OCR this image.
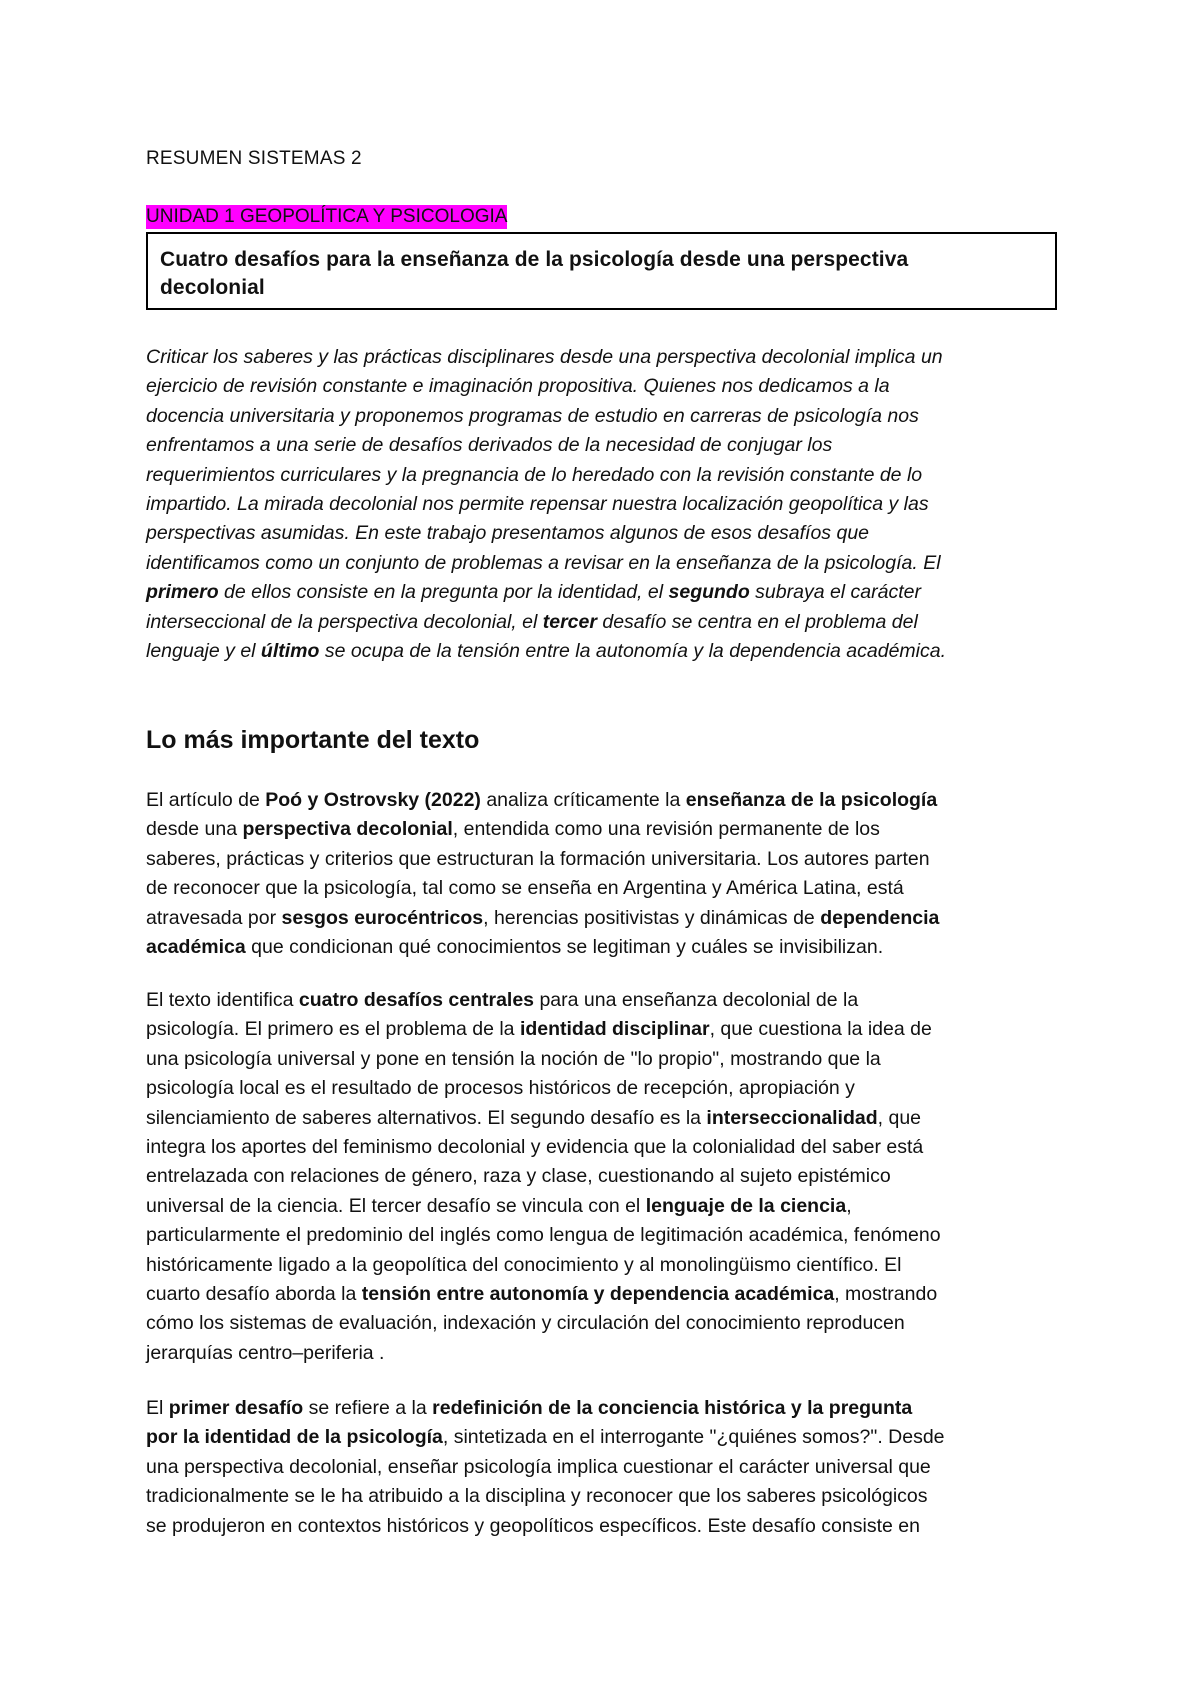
RESUMEN SISTEMAS 2
UNIDAD 1 GEOPOLÍTICA Y PSICOLOGIA
Cuatro desafíos para la enseñanza de la psicología desde una perspectiva
decolonial
Criticar los saberes y las prácticas disciplinares desde una perspectiva decolonial implica un
ejercicio de revisión constante e imaginación propositiva. Quienes nos dedicamos a la
docencia universitaria y proponemos programas de estudio en carreras de psicología nos
enfrentamos a una serie de desafíos derivados de la necesidad de conjugar los
requerimientos curriculares y la pregnancia de lo heredado con la revisión constante de lo
impartido. La mirada decolonial nos permite repensar nuestra localización geopolítica y las
perspectivas asumidas. En este trabajo presentamos algunos de esos desafíos que
identificamos como un conjunto de problemas a revisar en la enseñanza de la psicología. El
primero de ellos consiste en la pregunta por la identidad, el segundo subraya el carácter
interseccional de la perspectiva decolonial, el tercer desafío se centra en el problema del
lenguaje y el último se ocupa de la tensión entre la autonomía y la dependencia académica.
Lo más importante del texto
El artículo de Poó y Ostrovsky (2022) analiza críticamente la enseñanza de la psicología
desde una perspectiva decolonial, entendida como una revisión permanente de los
saberes, prácticas y criterios que estructuran la formación universitaria. Los autores parten
de reconocer que la psicología, tal como se enseña en Argentina y América Latina, está
atravesada por sesgos eurocéntricos, herencias positivistas y dinámicas de dependencia
académica que condicionan qué conocimientos se legitiman y cuáles se invisibilizan.
El texto identifica cuatro desafíos centrales para una enseñanza decolonial de la
psicología. El primero es el problema de la identidad disciplinar, que cuestiona la idea de
una psicología universal y pone en tensión la noción de "lo propio", mostrando que la
psicología local es el resultado de procesos históricos de recepción, apropiación y
silenciamiento de saberes alternativos. El segundo desafío es la interseccionalidad, que
integra los aportes del feminismo decolonial y evidencia que la colonialidad del saber está
entrelazada con relaciones de género, raza y clase, cuestionando al sujeto epistémico
universal de la ciencia. El tercer desafío se vincula con el lenguaje de la ciencia,
particularmente el predominio del inglés como lengua de legitimación académica, fenómeno
históricamente ligado a la geopolítica del conocimiento y al monolingüismo científico. El
cuarto desafío aborda la tensión entre autonomía y dependencia académica, mostrando
cómo los sistemas de evaluación, indexación y circulación del conocimiento reproducen
jerarquías centro–periferia .
El primer desafío se refiere a la redefinición de la conciencia histórica y la pregunta
por la identidad de la psicología, sintetizada en el interrogante "¿quiénes somos?". Desde
una perspectiva decolonial, enseñar psicología implica cuestionar el carácter universal que
tradicionalmente se le ha atribuido a la disciplina y reconocer que los saberes psicológicos
se produjeron en contextos históricos y geopolíticos específicos. Este desafío consiste en
